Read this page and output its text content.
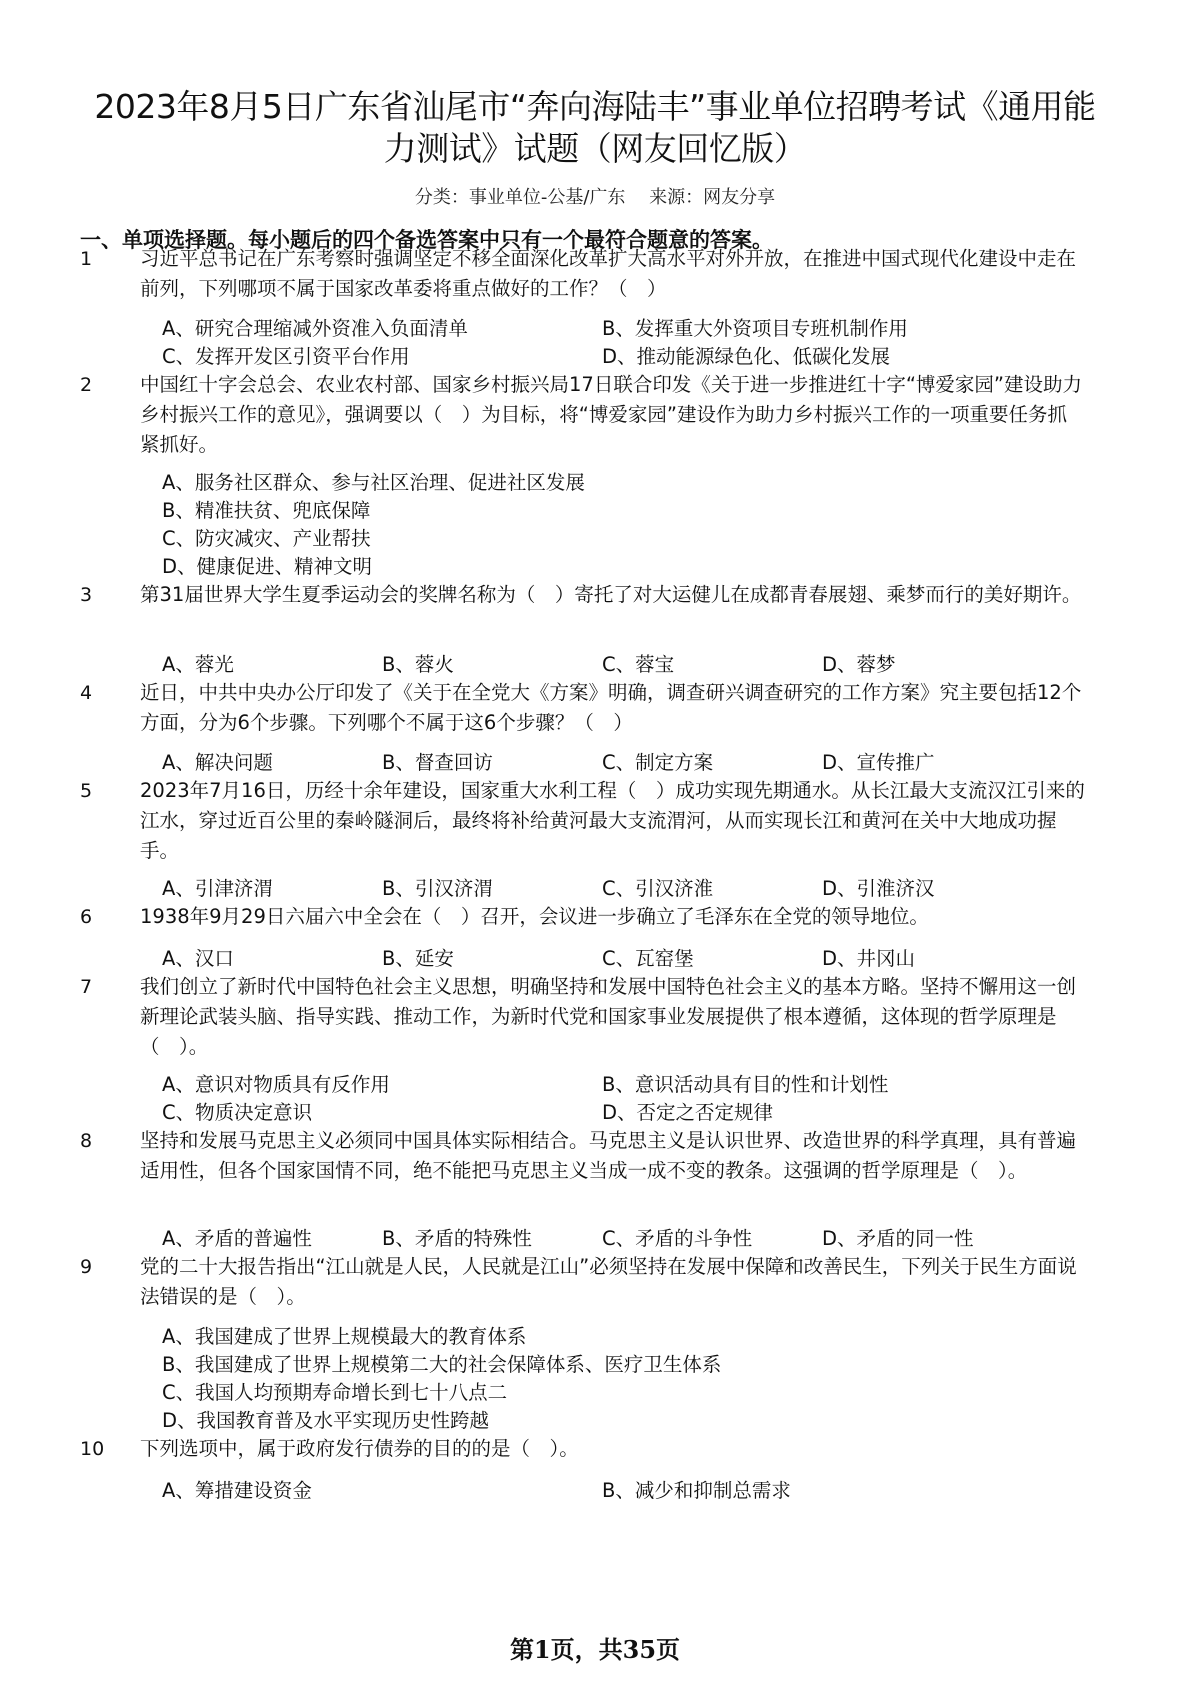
2023年8月5日广东省汕尾市“奔向海陆丰”事业单位招聘考试《通用能力测试》试题（网友回忆版）
分类：事业单位-公基/广东　 来源：网友分享
一、单项选择题。每小题后的四个备选答案中只有一个最符合题意的答案。
1	习近平总书记在广东考察时强调坚定不移全面深化改革扩大高水平对外开放，在推进中国式现代化建设中走在前列，下列哪项不属于国家改革委将重点做好的工作？（　）
A、研究合理缩减外资准入负面清单	B、发挥重大外资项目专班机制作用
C、发挥开发区引资平台作用	D、推动能源绿色化、低碳化发展
2	中国红十字会总会、农业农村部、国家乡村振兴局17日联合印发《关于进一步推进红十字“博爱家园”建设助力乡村振兴工作的意见》，强调要以（　）为目标，将“博爱家园”建设作为助力乡村振兴工作的一项重要任务抓紧抓好。
A、服务社区群众、参与社区治理、促进社区发展
B、精准扶贫、兜底保障
C、防灾减灾、产业帮扶
D、健康促进、精神文明
3	第31届世界大学生夏季运动会的奖牌名称为（　）寄托了对大运健儿在成都青春展翅、乘梦而行的美好期许。
A、蓉光	B、蓉火	C、蓉宝	D、蓉梦
4	近日，中共中央办公厅印发了《关于在全党大《方案》明确，调查研兴调查研究的工作方案》究主要包括12个方面，分为6个步骤。下列哪个不属于这6个步骤？（　）
A、解决问题	B、督查回访	C、制定方案	D、宣传推广
5	2023年7月16日，历经十余年建设，国家重大水利工程（　）成功实现先期通水。从长江最大支流汉江引来的江水，穿过近百公里的秦岭隧洞后，最终将补给黄河最大支流渭河，从而实现长江和黄河在关中大地成功握手。
A、引津济渭	B、引汉济渭	C、引汉济淮	D、引淮济汉
6	1938年9月29日六届六中全会在（　）召开，会议进一步确立了毛泽东在全党的领导地位。
A、汉口	B、延安	C、瓦窑堡	D、井冈山
7	我们创立了新时代中国特色社会主义思想，明确坚持和发展中国特色社会主义的基本方略。坚持不懈用这一创新理论武装头脑、指导实践、推动工作，为新时代党和国家事业发展提供了根本遵循，这体现的哲学原理是（　）。
A、意识对物质具有反作用	B、意识活动具有目的性和计划性
C、物质决定意识	D、否定之否定规律
8	坚持和发展马克思主义必须同中国具体实际相结合。马克思主义是认识世界、改造世界的科学真理，具有普遍适用性，但各个国家国情不同，绝不能把马克思主义当成一成不变的教条。这强调的哲学原理是（　）。
A、矛盾的普遍性	B、矛盾的特殊性	C、矛盾的斗争性	D、矛盾的同一性
9	党的二十大报告指出“江山就是人民，人民就是江山”必须坚持在发展中保障和改善民生，下列关于民生方面说法错误的是（　）。
A、我国建成了世界上规模最大的教育体系
B、我国建成了世界上规模第二大的社会保障体系、医疗卫生体系
C、我国人均预期寿命增长到七十八点二
D、我国教育普及水平实现历史性跨越
10	下列选项中，属于政府发行债券的目的的是（　）。
A、筹措建设资金	B、减少和抑制总需求
第1页，共35页
